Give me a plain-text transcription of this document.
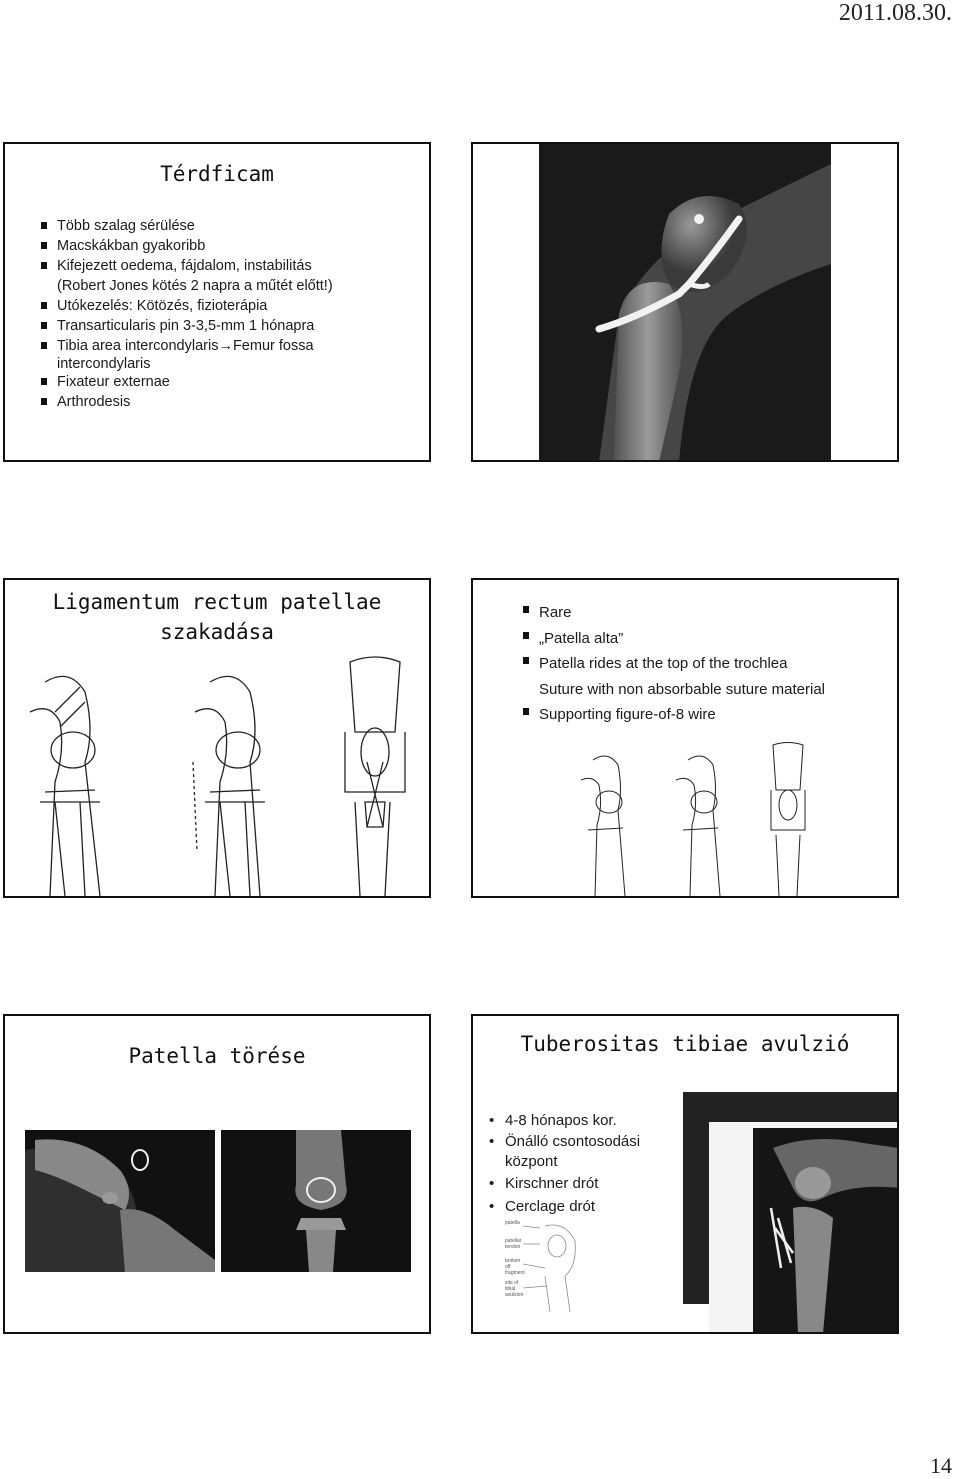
2011.08.30.
Térdficam
Több szalag sérülése
Macskákban gyakoribb
Kifejezett oedema, fájdalom, instabilitás
(Robert Jones kötés 2 napra a műtét előtt!)
Utókezelés: Kötözés, fizioterápia
Transarticularis pin 3-3,5-mm 1 hónapra
Tibia area intercondylaris→Femur fossa
intercondylaris
Fixateur externae
Arthrodesis
Ligamentum rectum patellae
szakadása
Rare
„Patella alta”
Patella rides at the top of the trochlea
Suture with non absorbable suture material
Supporting figure-of-8 wire
Patella törése	Tuberositas tibiae avulzió
• 4-8 hónapos kor.
• Önálló csontosodási
központ
• Kirschner drót
• Cerclage drót
patella
patellar tendon
broken off fragment
site of tibial avulsion
14
